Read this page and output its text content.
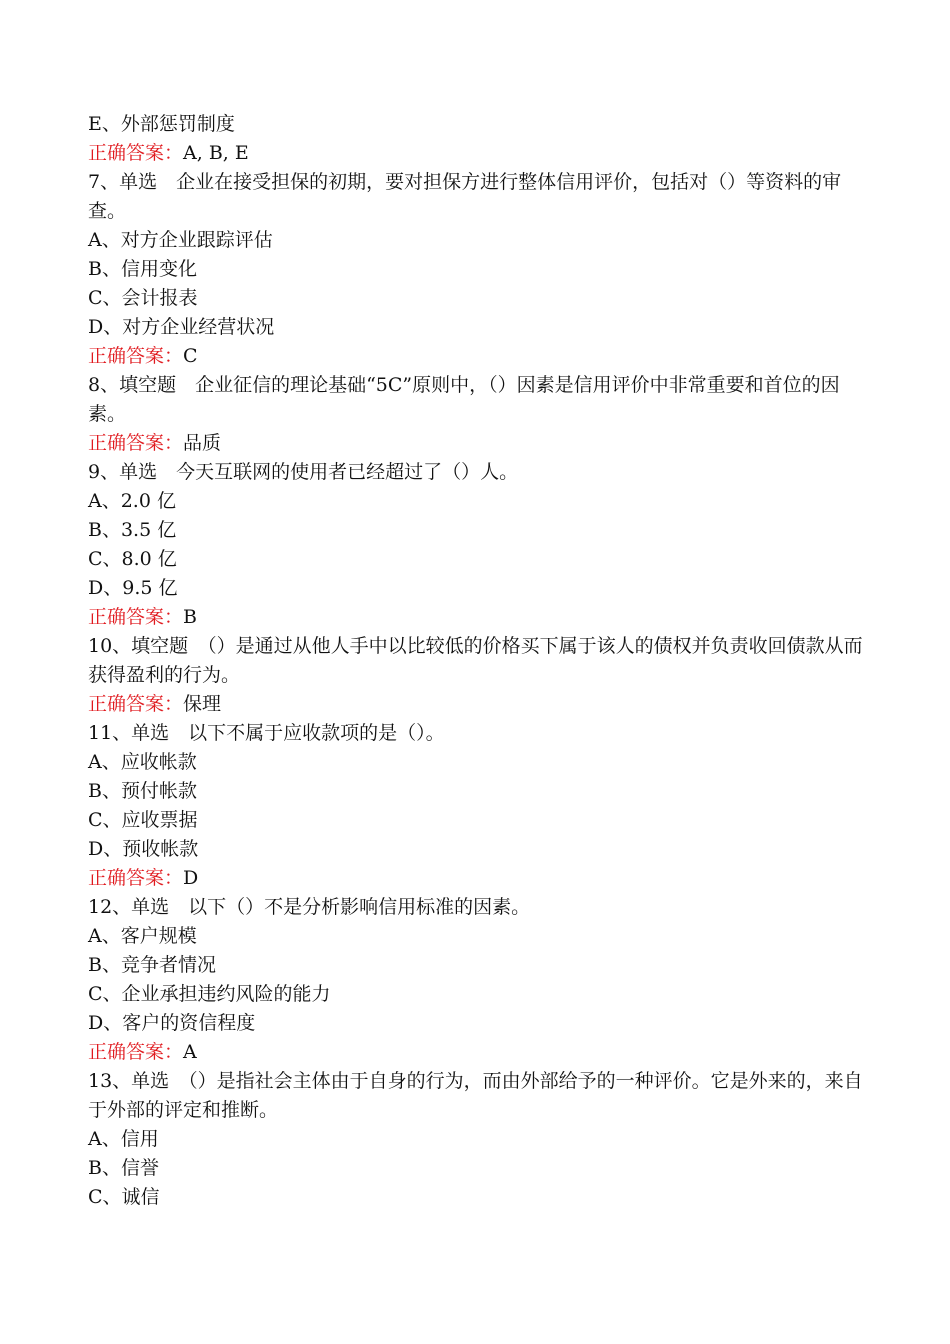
E、外部惩罚制度

正确答案：A, B, E

7、单选　企业在接受担保的初期，要对担保方进行整体信用评价，包括对（）等资料的审查。

A、对方企业跟踪评估

B、信用变化

C、会计报表

D、对方企业经营状况

正确答案：C

8、填空题　企业征信的理论基础“5C”原则中，（）因素是信用评价中非常重要和首位的因素。

正确答案：品质

9、单选　今天互联网的使用者已经超过了（）人。

A、2.0 亿

B、3.5 亿

C、8.0 亿

D、9.5 亿

正确答案：B

10、填空题　（）是通过从他人手中以比较低的价格买下属于该人的债权并负责收回债款从而获得盈利的行为。

正确答案：保理

11、单选　以下不属于应收款项的是（）。

A、应收帐款

B、预付帐款

C、应收票据

D、预收帐款

正确答案：D

12、单选　以下（）不是分析影响信用标准的因素。

A、客户规模

B、竞争者情况

C、企业承担违约风险的能力

D、客户的资信程度

正确答案：A

13、单选　（）是指社会主体由于自身的行为，而由外部给予的一种评价。它是外来的，来自于外部的评定和推断。

A、信用

B、信誉

C、诚信
